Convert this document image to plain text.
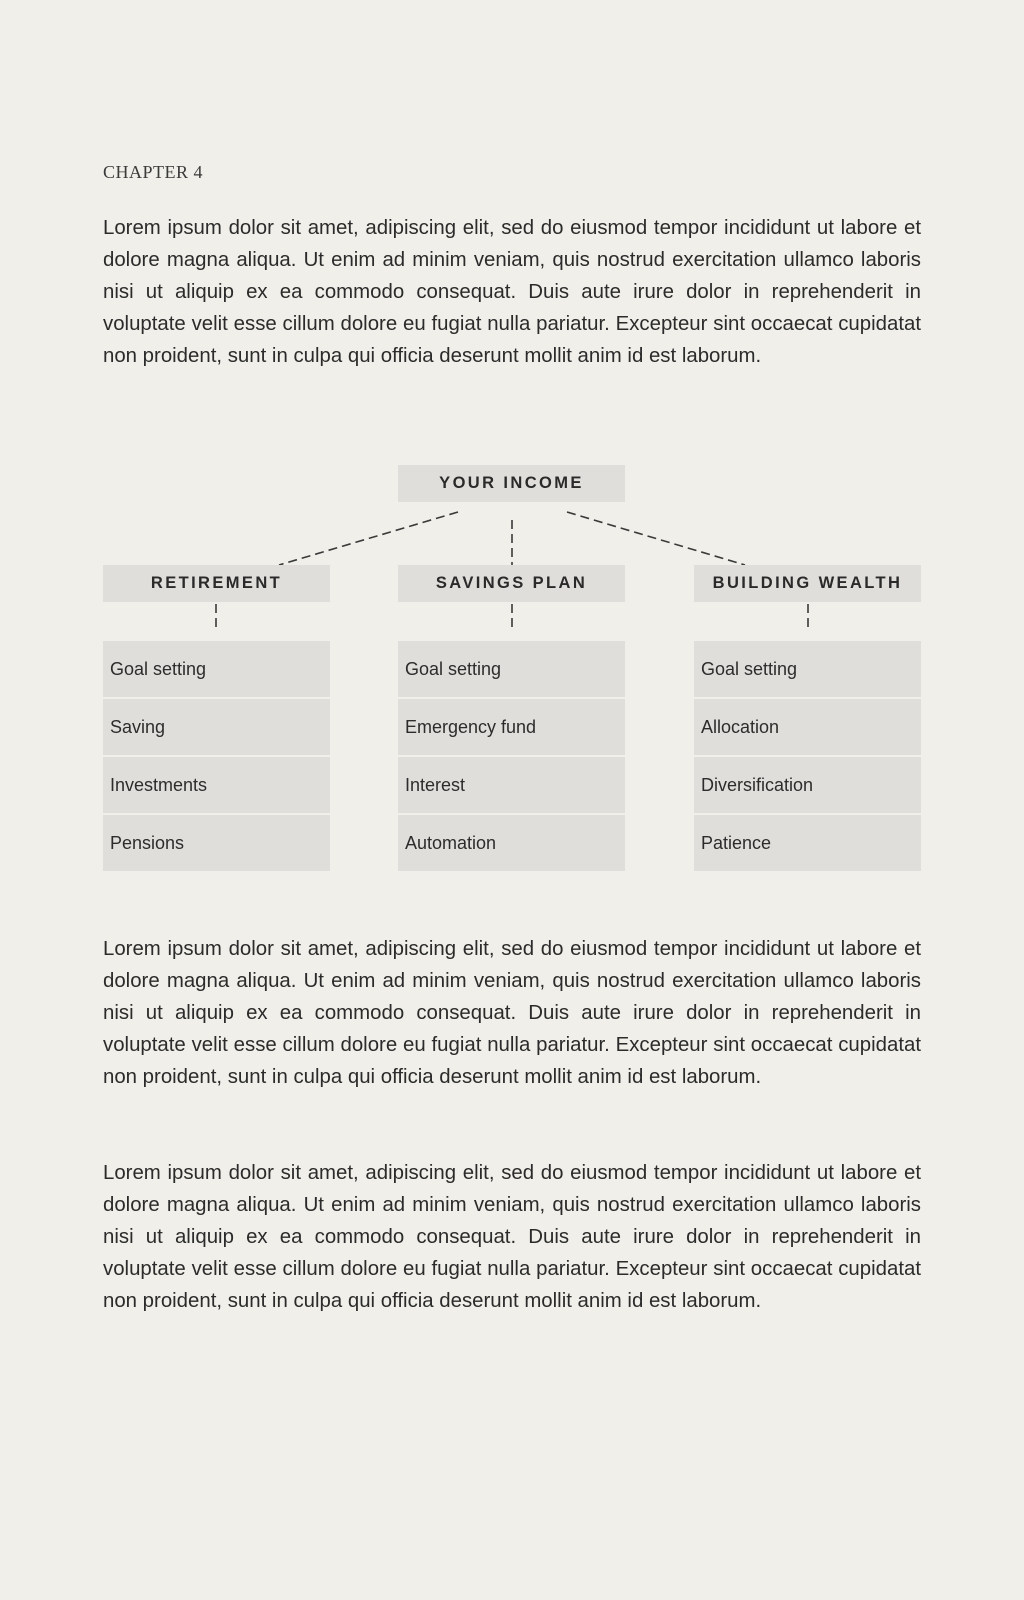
CHAPTER 4

Lorem ipsum dolor sit amet, adipiscing elit, sed do eiusmod tempor incididunt ut labore et dolore magna aliqua. Ut enim ad minim veniam, quis nostrud exercitation ullamco laboris nisi ut aliquip ex ea commodo consequat. Duis aute irure dolor in reprehenderit in voluptate velit esse cillum dolore eu fugiat nulla pariatur. Excepteur sint occaecat cupidatat non proident, sunt in culpa qui officia deserunt mollit anim id est laborum.

YOUR INCOME
RETIREMENT	SAVINGS PLAN	BUILDING WEALTH
Goal setting
Saving
Investments
Pensions
Goal setting
Emergency fund
Interest
Automation
Goal setting
Allocation
Diversification
Patience

Lorem ipsum dolor sit amet, adipiscing elit, sed do eiusmod tempor incididunt ut labore et dolore magna aliqua. Ut enim ad minim veniam, quis nostrud exercitation ullamco laboris nisi ut aliquip ex ea commodo consequat. Duis aute irure dolor in reprehenderit in voluptate velit esse cillum dolore eu fugiat nulla pariatur. Excepteur sint occaecat cupidatat non proident, sunt in culpa qui officia deserunt mollit anim id est laborum.

Lorem ipsum dolor sit amet, adipiscing elit, sed do eiusmod tempor incididunt ut labore et dolore magna aliqua. Ut enim ad minim veniam, quis nostrud exercitation ullamco laboris nisi ut aliquip ex ea commodo consequat. Duis aute irure dolor in reprehenderit in voluptate velit esse cillum dolore eu fugiat nulla pariatur. Excepteur sint occaecat cupidatat non proident, sunt in culpa qui officia deserunt mollit anim id est laborum.
